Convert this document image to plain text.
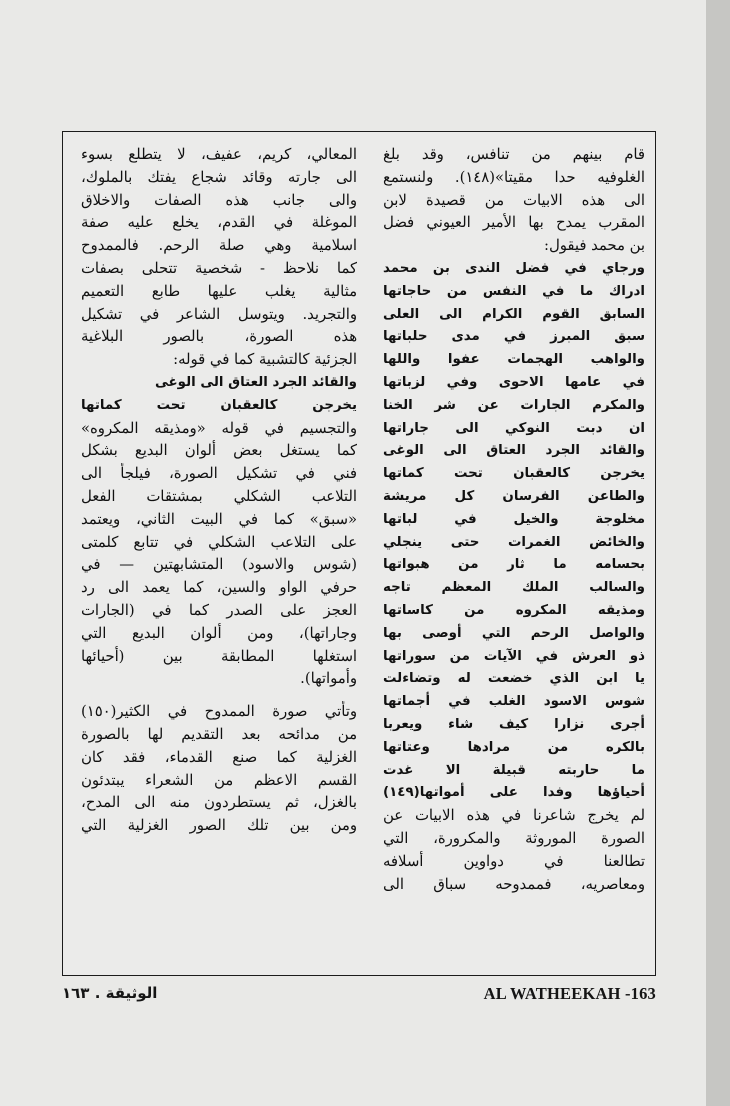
قام بينهم من تنافس، وقد بلغ
الغلوفيه حدا مقيتا»(١٤٨). ولنستمع
الى هذه الابيات من قصيدة لابن
المقرب يمدح بها الأمير العيوني فضل
بن محمد فيقول:
ورجاي في فضل الندى بن محمد
ادراك ما في النفس من حاجاتها
السابق القوم الكرام الى العلى
سبق المبرز في مدى حلباتها
والواهب الهجمات عفوا واللها
في عامها الاحوى وفي لزباتها
والمكرم الجارات عن شر الخنا
ان دبت النوكي الى جاراتها
والقائد الجرد العتاق الى الوغى
يخرجن كالعقبان تحت كماتها
والطاعن الفرسان كل مريشة
مخلوجة والخيل في لباتها
والخائض الغمرات حتى ينجلي
بحسامه ما ثار من هبواتها
والسالب الملك المعظم تاجه
ومذيقه المكروه من كاساتها
والواصل الرحم التي أوصى بها
ذو العرش في الآيات من سوراتها
يا ابن الذي خضعت له وتضاءلت
شوس الاسود الغلب في أجماتها
أجرى نزارا كيف شاء ويعربا
بالكره من مرادها وعتاتها
ما حاربته قبيلة الا غدت
أحياؤها وفدا على أمواتها(١٤٩)
لم يخرج شاعرنا في هذه الابيات عن
الصورة الموروثة والمكرورة، التي
تطالعنا في دواوين أسلافه
ومعاصريه، فممدوحه سباق الى
المعالي، كريم، عفيف، لا يتطلع بسوء
الى جارته وقائد شجاع يفتك بالملوك،
والى جانب هذه الصفات والاخلاق
الموغلة في القدم، يخلع عليه صفة
اسلامية وهي صلة الرحم. فالممدوح
كما نلاحظ - شخصية تتحلى بصفات
مثالية يغلب عليها طابع التعميم
والتجريد. ويتوسل الشاعر في تشكيل
هذه الصورة، بالصور البلاغية
الجزئية كالتشبية كما في قوله:
والقائد الجرد العتاق الى الوغى
يخرجن كالعقبان تحت كماتها
والتجسيم في قوله «ومذيقه المكروه»
كما يستغل بعض ألوان البديع بشكل
فني في تشكيل الصورة، فيلجأ الى
التلاعب الشكلي بمشتقات الفعل
«سبق» كما في البيت الثاني، ويعتمد
على التلاعب الشكلي في تتابع كلمتى
(شوس والاسود) المتشابهتين — في
حرفي الواو والسين، كما يعمد الى رد
العجز على الصدر كما في (الجارات
وجاراتها)، ومن ألوان البديع التي
استغلها المطابقة بين (أحيائها
وأمواتها).
وتأتي صورة الممدوح في الكثير(١٥٠)
من مدائحه بعد التقديم لها بالصورة
الغزلية كما صنع القدماء، فقد كان
القسم الاعظم من الشعراء يبتدئون
بالغزل، ثم يستطردون منه الى المدح،
ومن بين تلك الصور الغزلية التي
AL WATHEEKAH -163
الوثيقة . ١٦٣
